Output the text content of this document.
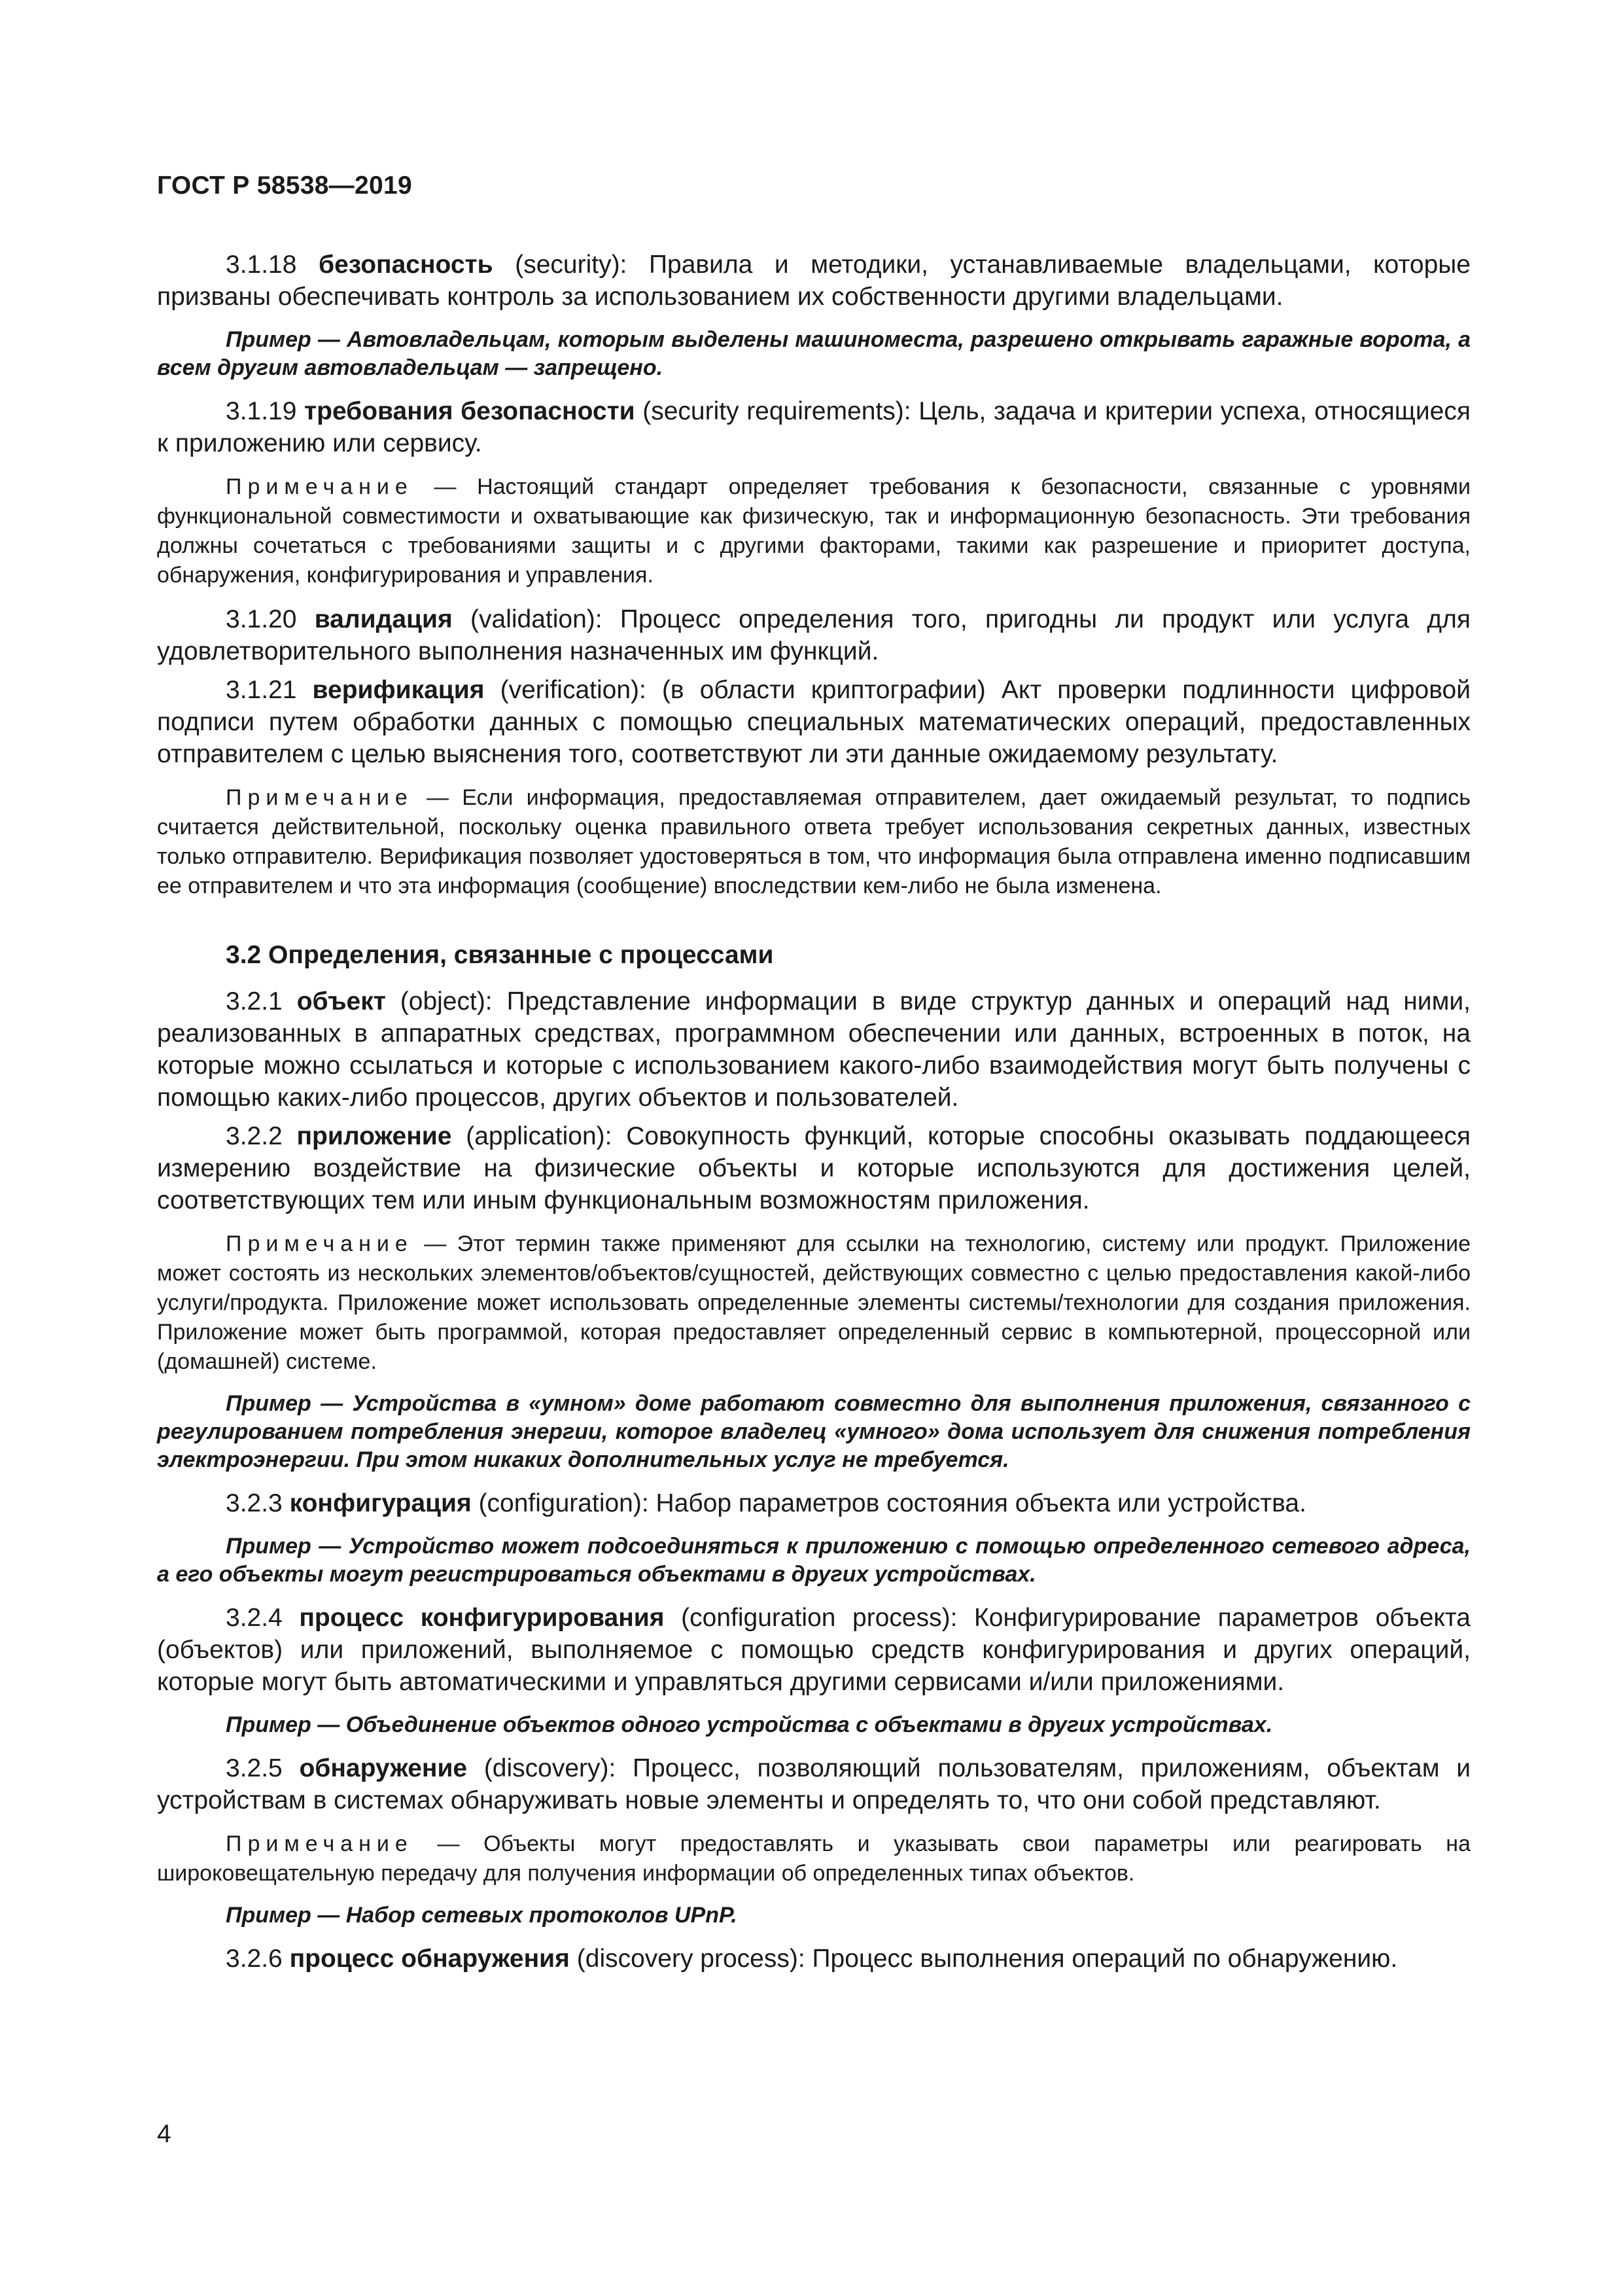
ГОСТ Р 58538—2019

3.1.18 безопасность (security): Правила и методики, устанавливаемые владельцами, которые призваны обеспечивать контроль за использованием их собственности другими владельцами.

Пример — Автовладельцам, которым выделены машиноместа, разрешено открывать гаражные ворота, а всем другим автовладельцам — запрещено.

3.1.19 требования безопасности (security requirements): Цель, задача и критерии успеха, относящиеся к приложению или сервису.

Примечание — Настоящий стандарт определяет требования к безопасности, связанные с уровнями функциональной совместимости и охватывающие как физическую, так и информационную безопасность. Эти требования должны сочетаться с требованиями защиты и с другими факторами, такими как разрешение и приоритет доступа, обнаружения, конфигурирования и управления.

3.1.20 валидация (validation): Процесс определения того, пригодны ли продукт или услуга для удовлетворительного выполнения назначенных им функций.

3.1.21 верификация (verification): (в области криптографии) Акт проверки подлинности цифровой подписи путем обработки данных с помощью специальных математических операций, предоставленных отправителем с целью выяснения того, соответствуют ли эти данные ожидаемому результату.

Примечание — Если информация, предоставляемая отправителем, дает ожидаемый результат, то подпись считается действительной, поскольку оценка правильного ответа требует использования секретных данных, известных только отправителю. Верификация позволяет удостоверяться в том, что информация была отправлена именно подписавшим ее отправителем и что эта информация (сообщение) впоследствии кем-либо не была изменена.

3.2 Определения, связанные с процессами

3.2.1 объект (object): Представление информации в виде структур данных и операций над ними, реализованных в аппаратных средствах, программном обеспечении или данных, встроенных в поток, на которые можно ссылаться и которые с использованием какого-либо взаимодействия могут быть получены с помощью каких-либо процессов, других объектов и пользователей.

3.2.2 приложение (application): Совокупность функций, которые способны оказывать поддающееся измерению воздействие на физические объекты и которые используются для достижения целей, соответствующих тем или иным функциональным возможностям приложения.

Примечание — Этот термин также применяют для ссылки на технологию, систему или продукт. Приложение может состоять из нескольких элементов/объектов/сущностей, действующих совместно с целью предоставления какой-либо услуги/продукта. Приложение может использовать определенные элементы системы/технологии для создания приложения. Приложение может быть программой, которая предоставляет определенный сервис в компьютерной, процессорной или (домашней) системе.

Пример — Устройства в «умном» доме работают совместно для выполнения приложения, связанного с регулированием потребления энергии, которое владелец «умного» дома использует для снижения потребления электроэнергии. При этом никаких дополнительных услуг не требуется.

3.2.3 конфигурация (configuration): Набор параметров состояния объекта или устройства.

Пример — Устройство может подсоединяться к приложению с помощью определенного сетевого адреса, а его объекты могут регистрироваться объектами в других устройствах.

3.2.4 процесс конфигурирования (configuration process): Конфигурирование параметров объекта (объектов) или приложений, выполняемое с помощью средств конфигурирования и других операций, которые могут быть автоматическими и управляться другими сервисами и/или приложениями.

Пример — Объединение объектов одного устройства с объектами в других устройствах.

3.2.5 обнаружение (discovery): Процесс, позволяющий пользователям, приложениям, объектам и устройствам в системах обнаруживать новые элементы и определять то, что они собой представляют.

Примечание — Объекты могут предоставлять и указывать свои параметры или реагировать на широковещательную передачу для получения информации об определенных типах объектов.

Пример — Набор сетевых протоколов UPnP.

3.2.6 процесс обнаружения (discovery process): Процесс выполнения операций по обнаружению.

4
